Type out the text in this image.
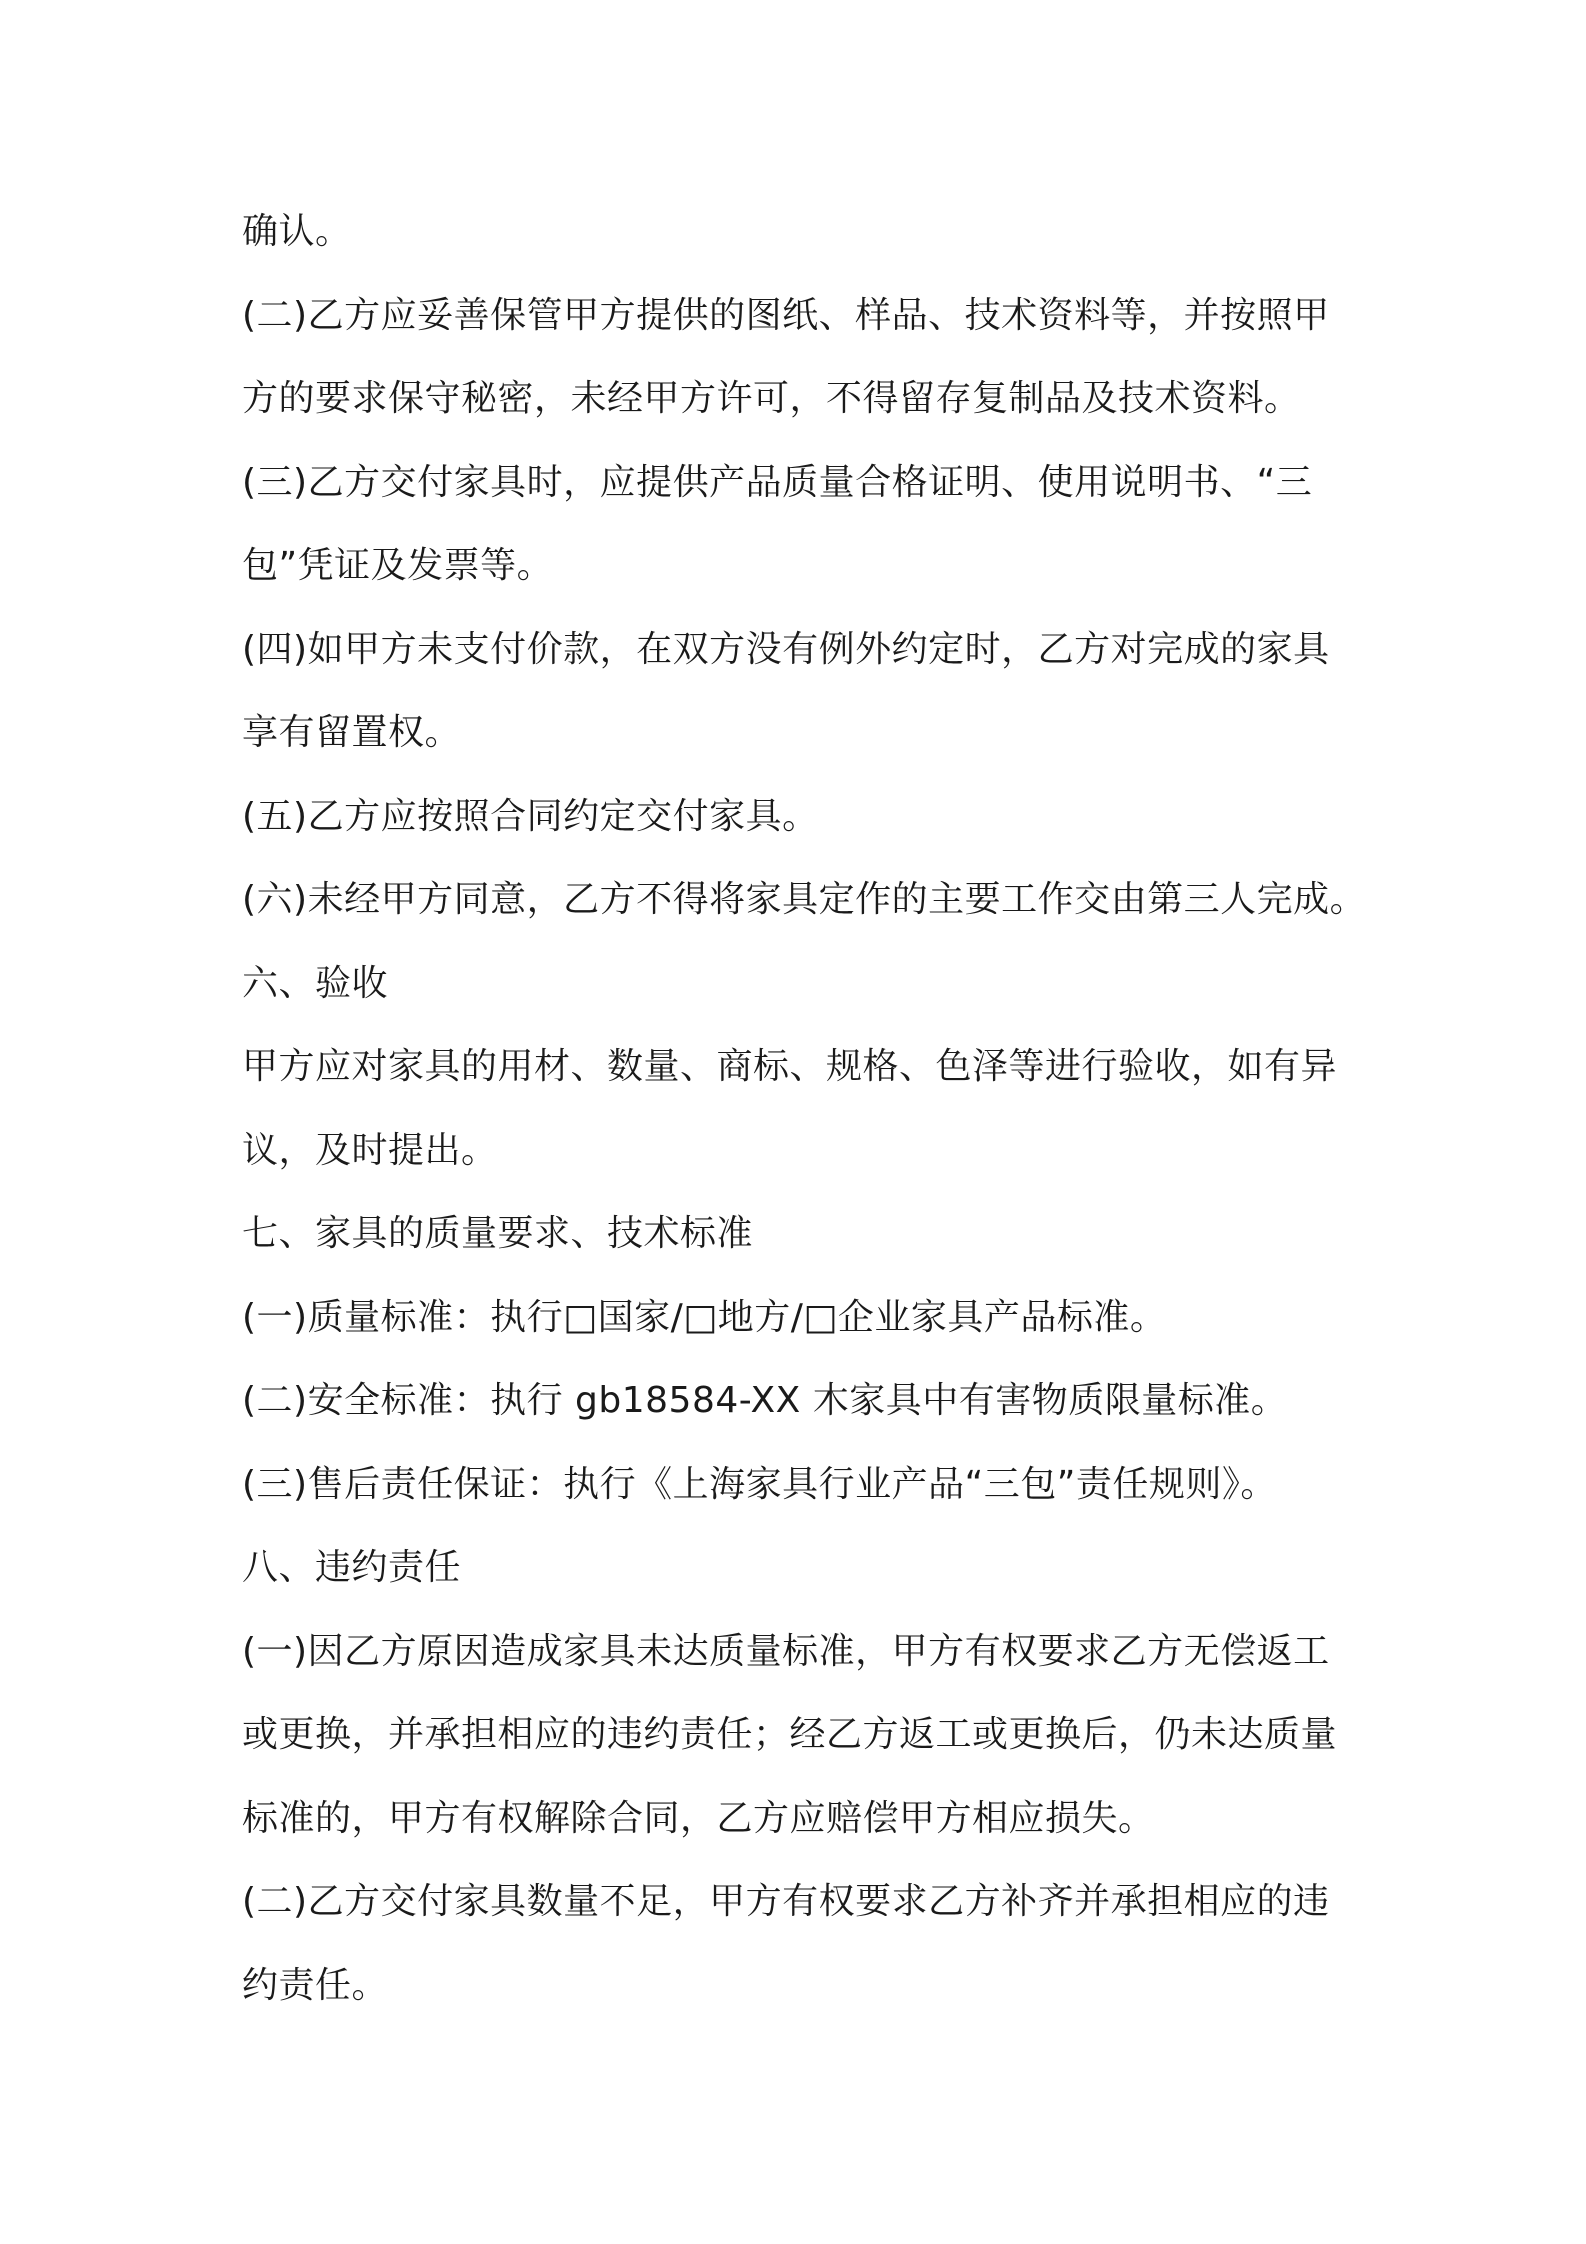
确认。
(二)乙方应妥善保管甲方提供的图纸、样品、技术资料等，并按照甲
方的要求保守秘密，未经甲方许可，不得留存复制品及技术资料。
(三)乙方交付家具时，应提供产品质量合格证明、使用说明书、“三
包”凭证及发票等。
(四)如甲方未支付价款，在双方没有例外约定时，乙方对完成的家具
享有留置权。
(五)乙方应按照合同约定交付家具。
(六)未经甲方同意，乙方不得将家具定作的主要工作交由第三人完成。
六、验收
甲方应对家具的用材、数量、商标、规格、色泽等进行验收，如有异
议，及时提出。
七、家具的质量要求、技术标准
(一)质量标准：执行□国家/□地方/□企业家具产品标准。
(二)安全标准：执行 gb18584-XX 木家具中有害物质限量标准。
(三)售后责任保证：执行《上海家具行业产品“三包”责任规则》。
八、违约责任
(一)因乙方原因造成家具未达质量标准，甲方有权要求乙方无偿返工
或更换，并承担相应的违约责任；经乙方返工或更换后，仍未达质量
标准的，甲方有权解除合同，乙方应赔偿甲方相应损失。
(二)乙方交付家具数量不足，甲方有权要求乙方补齐并承担相应的违
约责任。
